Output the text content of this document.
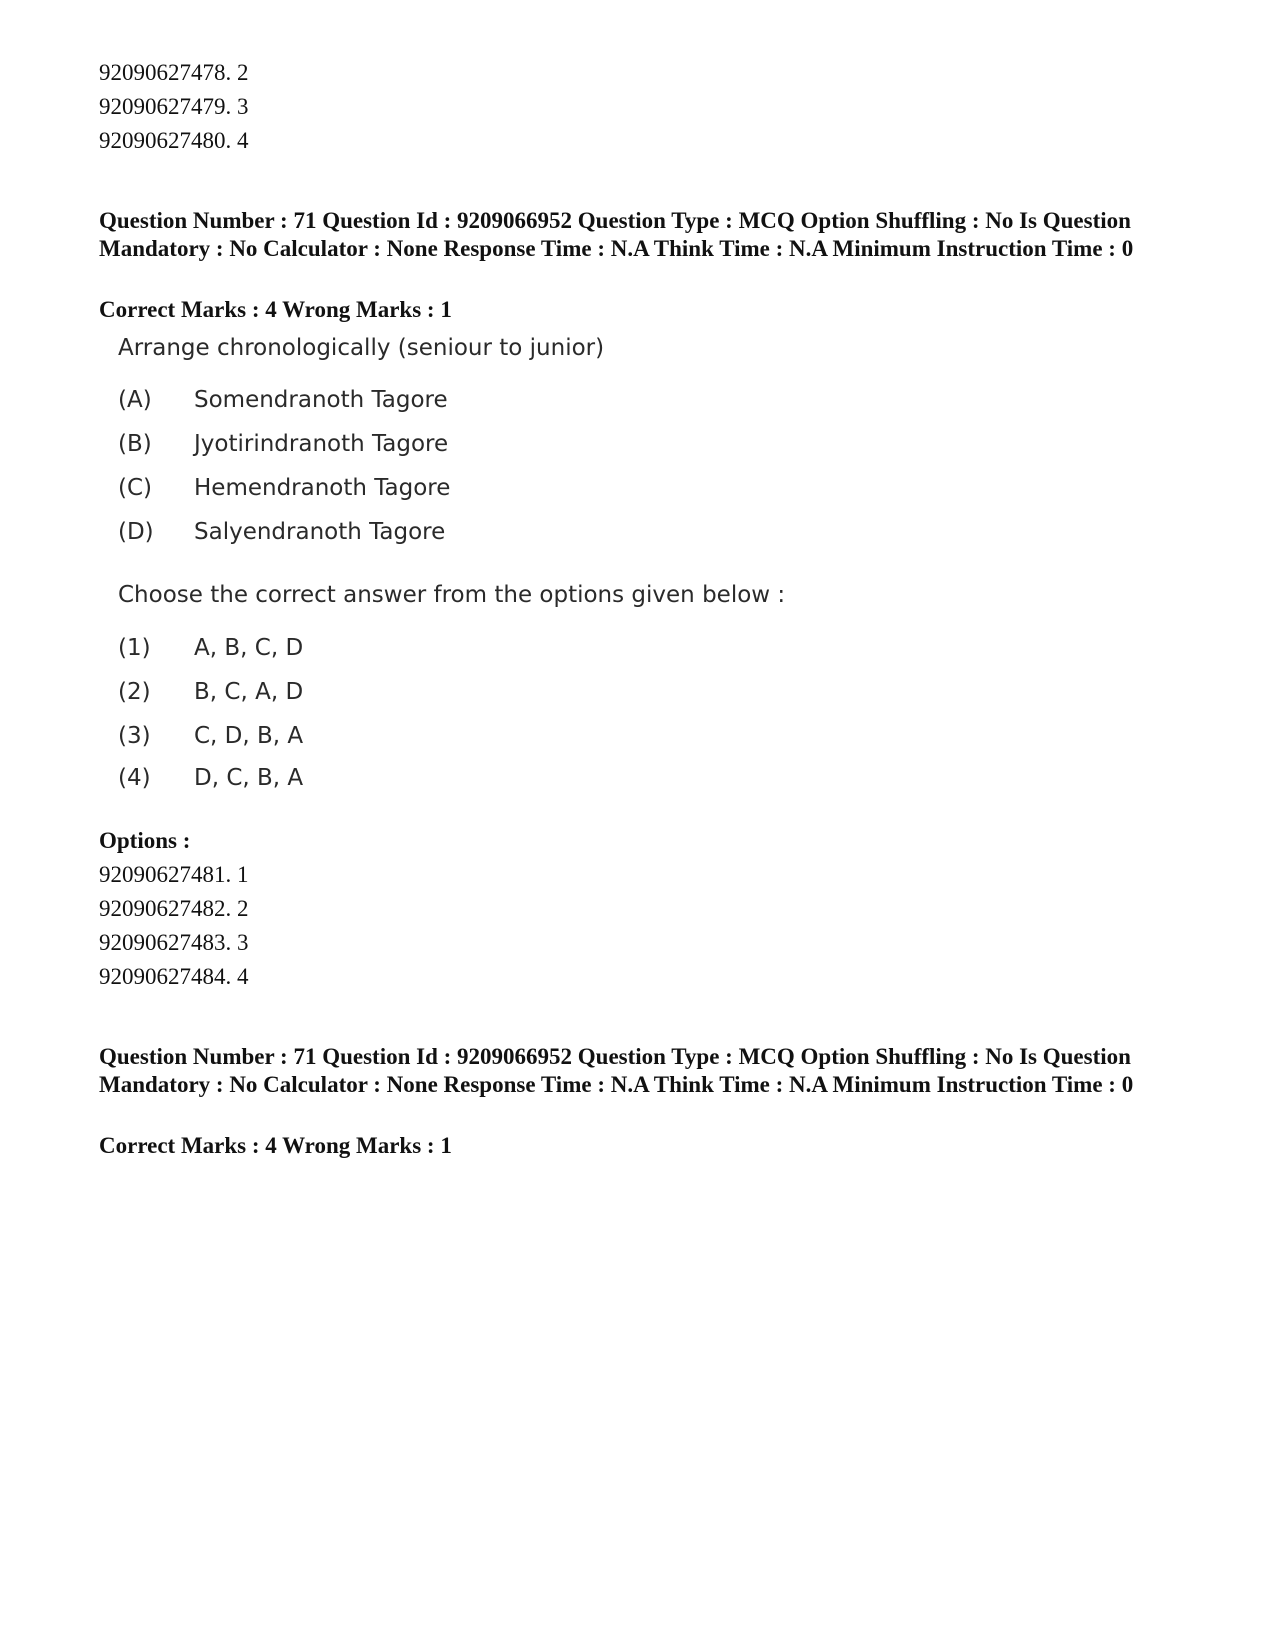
92090627478. 2
92090627479. 3
92090627480. 4
Question Number : 71 Question Id : 9209066952 Question Type : MCQ Option Shuffling : No Is Question Mandatory : No Calculator : None Response Time : N.A Think Time : N.A Minimum Instruction Time : 0
Correct Marks : 4 Wrong Marks : 1
Arrange chronologically (seniour to junior)
(A)	Somendranoth Tagore
(B)	Jyotirindranoth Tagore
(C)	Hemendranoth Tagore
(D)	Salyendranoth Tagore
Choose the correct answer from the options given below :
(1)	A, B, C, D
(2)	B, C, A, D
(3)	C, D, B, A
(4)	D, C, B, A
Options :
92090627481. 1
92090627482. 2
92090627483. 3
92090627484. 4
Question Number : 71 Question Id : 9209066952 Question Type : MCQ Option Shuffling : No Is Question Mandatory : No Calculator : None Response Time : N.A Think Time : N.A Minimum Instruction Time : 0
Correct Marks : 4 Wrong Marks : 1
